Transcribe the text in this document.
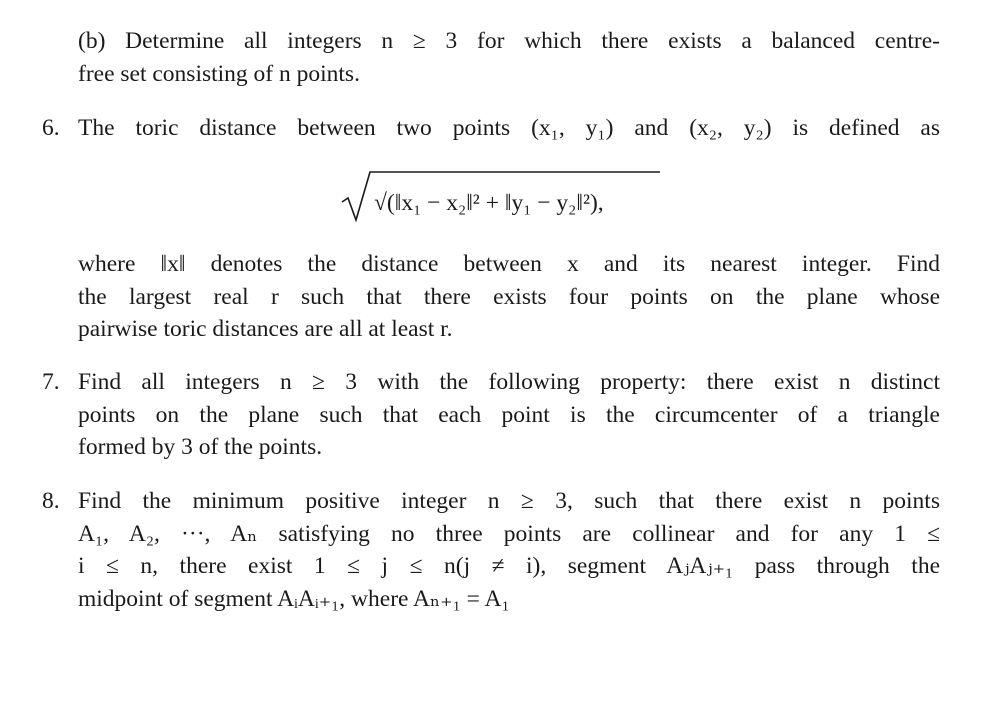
(b) Determine all integers n ≥ 3 for which there exists a balanced centre-
free set consisting of n points.
6. The toric distance between two points (x₁, y₁) and (x₂, y₂) is defined as
√(‖x₁ − x₂‖² + ‖y₁ − y₂‖²),
where ‖x‖ denotes the distance between x and its nearest integer. Find
the largest real r such that there exists four points on the plane whose
pairwise toric distances are all at least r.
7. Find all integers n ≥ 3 with the following property: there exist n distinct
points on the plane such that each point is the circumcenter of a triangle
formed by 3 of the points.
8. Find the minimum positive integer n ≥ 3, such that there exist n points
A₁, A₂, ···, Aₙ satisfying no three points are collinear and for any 1 ≤
i ≤ n, there exist 1 ≤ j ≤ n(j ≠ i), segment AⱼAⱼ₊₁ pass through the
midpoint of segment AᵢAᵢ₊₁, where Aₙ₊₁ = A₁
